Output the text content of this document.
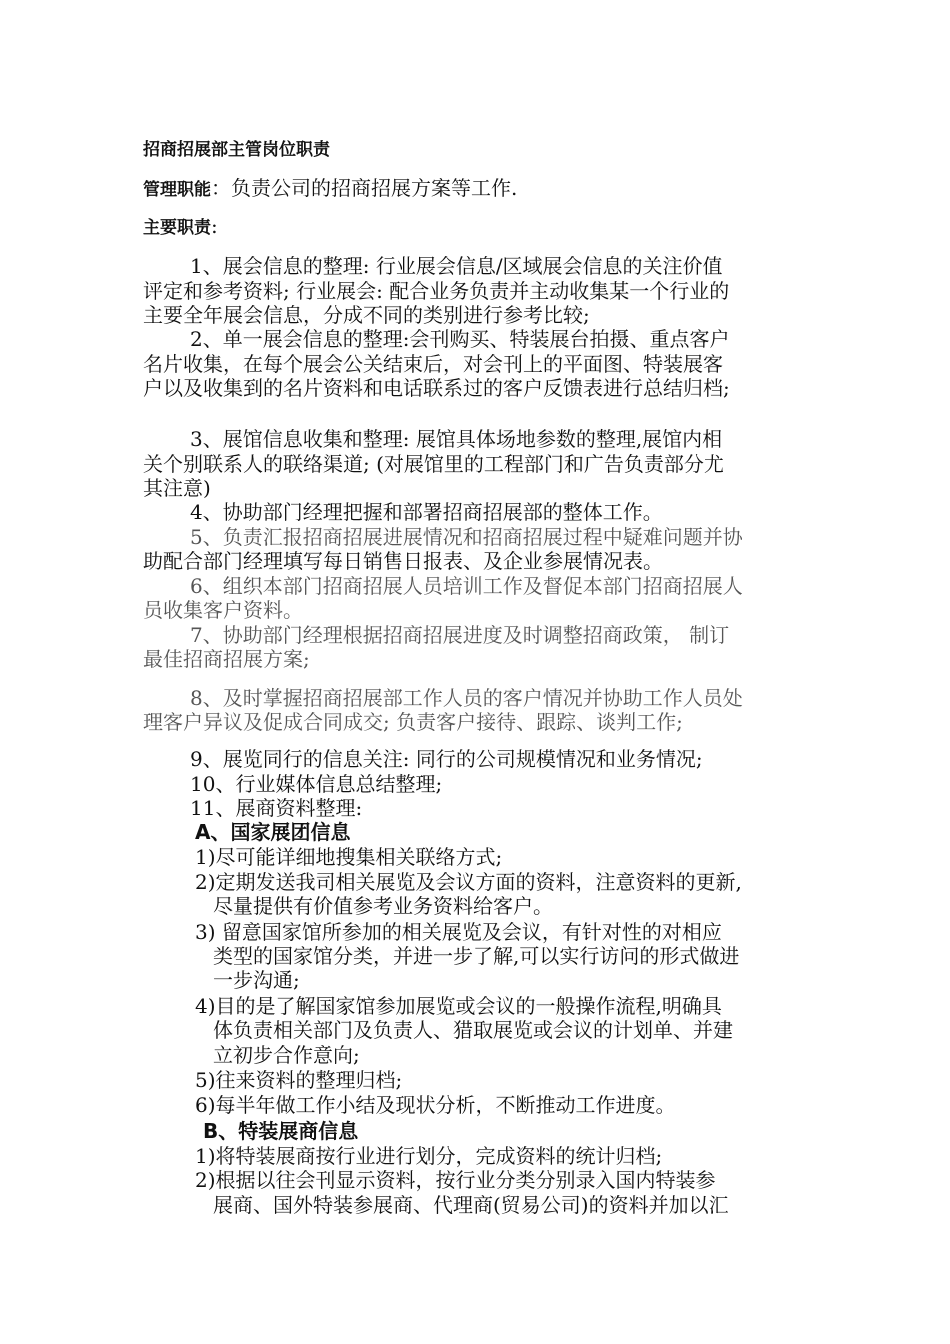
招商招展部主管岗位职责
管理职能：负责公司的招商招展方案等工作.
主要职责:
1、展会信息的整理: 行业展会信息/区域展会信息的关注价值
评定和参考资料; 行业展会: 配合业务负责并主动收集某一个行业的
主要全年展会信息，分成不同的类别进行参考比较;
2、单一展会信息的整理:会刊购买、特装展台拍摄、重点客户
名片收集，在每个展会公关结束后，对会刊上的平面图、特装展客
户以及收集到的名片资料和电话联系过的客户反馈表进行总结归档;
3、展馆信息收集和整理: 展馆具体场地参数的整理,展馆内相
关个别联系人的联络渠道; (对展馆里的工程部门和广告负责部分尤
其注意)
4、协助部门经理把握和部署招商招展部的整体工作。
5、负责汇报招商招展进展情况和招商招展过程中疑难问题并协
助配合部门经理填写每日销售日报表、及企业参展情况表。
6、组织本部门招商招展人员培训工作及督促本部门招商招展人
员收集客户资料。
7、协助部门经理根据招商招展进度及时调整招商政策， 制订
最佳招商招展方案;
8、及时掌握招商招展部工作人员的客户情况并协助工作人员处
理客户异议及促成合同成交; 负责客户接待、跟踪、谈判工作;
9、展览同行的信息关注: 同行的公司规模情况和业务情况;
10、行业媒体信息总结整理;
11、展商资料整理:
A、国家展团信息
1)尽可能详细地搜集相关联络方式;
2)定期发送我司相关展览及会议方面的资料，注意资料的更新,
尽量提供有价值参考业务资料给客户。
3) 留意国家馆所参加的相关展览及会议，有针对性的对相应
类型的国家馆分类，并进一步了解,可以实行访问的形式做进
一步沟通;
4)目的是了解国家馆参加展览或会议的一般操作流程,明确具
体负责相关部门及负责人、猎取展览或会议的计划单、并建
立初步合作意向;
5)往来资料的整理归档;
6)每半年做工作小结及现状分析，不断推动工作进度。
B、特装展商信息
1)将特装展商按行业进行划分，完成资料的统计归档;
2)根据以往会刊显示资料，按行业分类分别录入国内特装参
展商、国外特装参展商、代理商(贸易公司)的资料并加以汇
